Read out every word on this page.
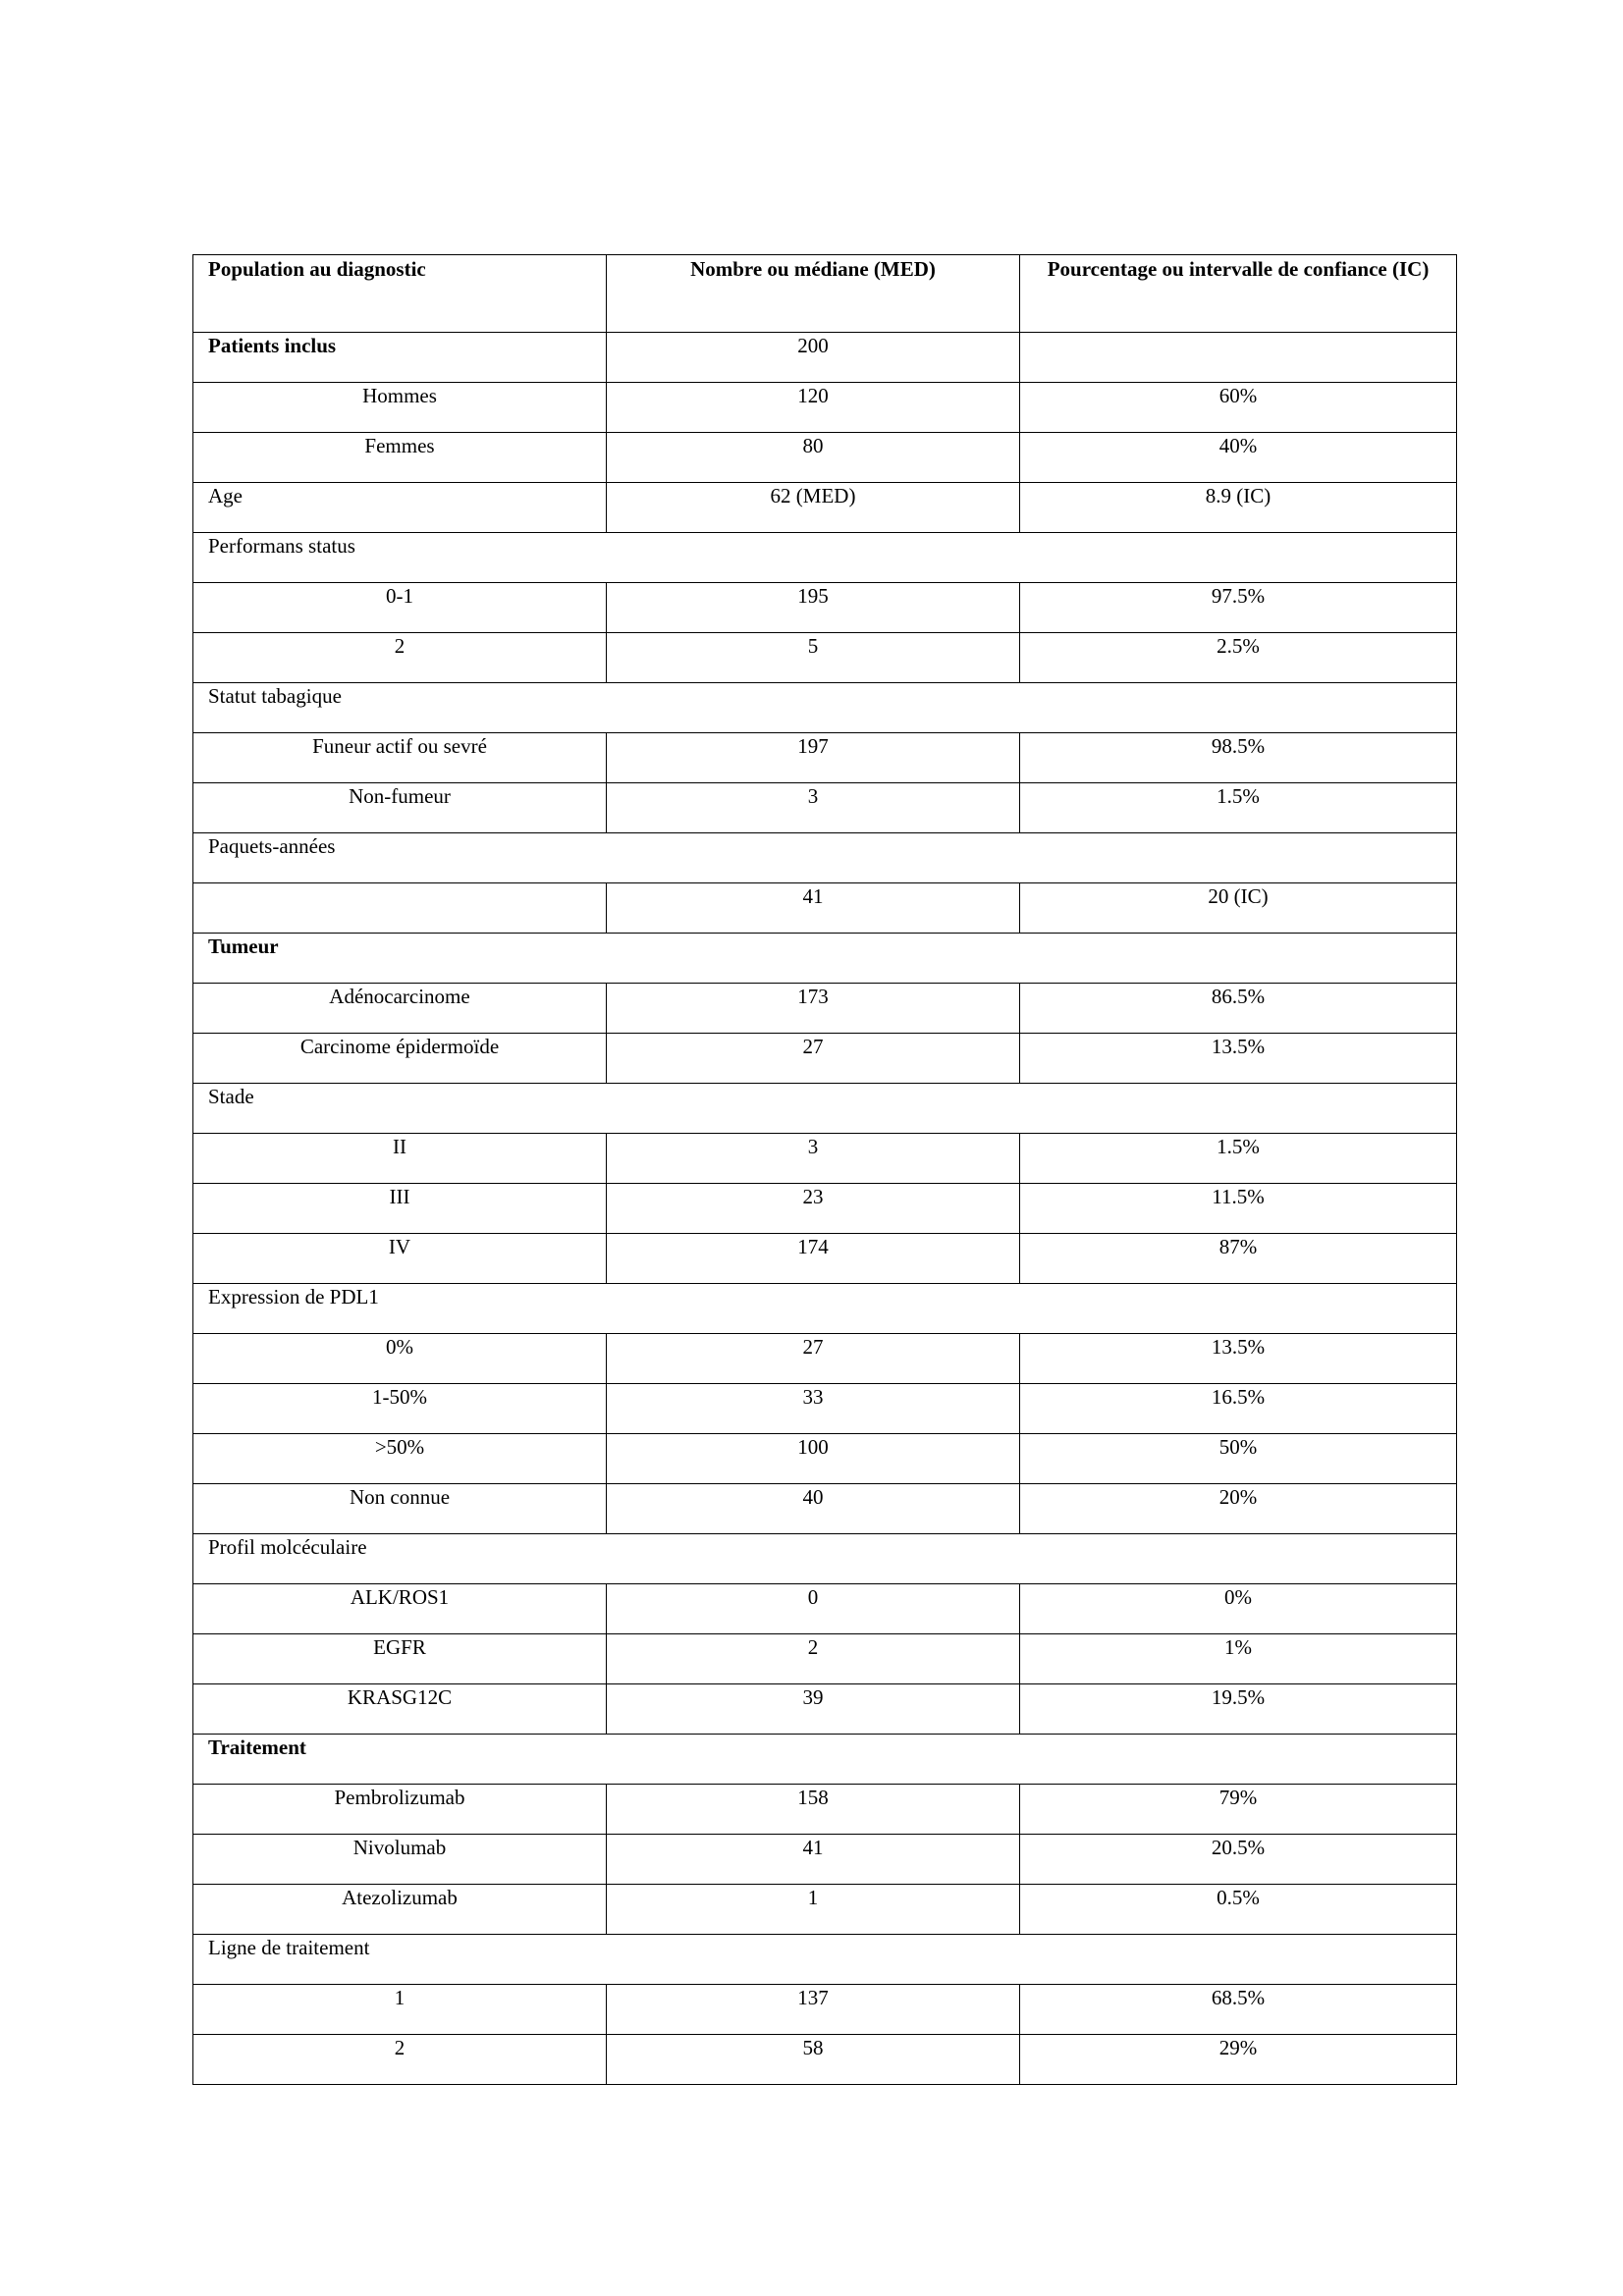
Population au diagnostic	Nombre ou médiane (MED)	Pourcentage ou intervalle de confiance (IC)
Patients inclus	200	
Hommes	120	60%
Femmes	80	40%
Age	62 (MED)	8.9 (IC)
Performans status		
0-1	195	97.5%
2	5	2.5%
Statut tabagique		
Funeur actif ou sevré	197	98.5%
Non-fumeur	3	1.5%
Paquets-années		
	41	20 (IC)
Tumeur		
Adénocarcinome	173	86.5%
Carcinome épidermoïde	27	13.5%
Stade		
II	3	1.5%
III	23	11.5%
IV	174	87%
Expression de PDL1		
0%	27	13.5%
1-50%	33	16.5%
>50%	100	50%
Non connue	40	20%
Profil molcéculaire		
ALK/ROS1	0	0%
EGFR	2	1%
KRASG12C	39	19.5%
Traitement		
Pembrolizumab	158	79%
Nivolumab	41	20.5%
Atezolizumab	1	0.5%
Ligne de traitement		
1	137	68.5%
2	58	29%
